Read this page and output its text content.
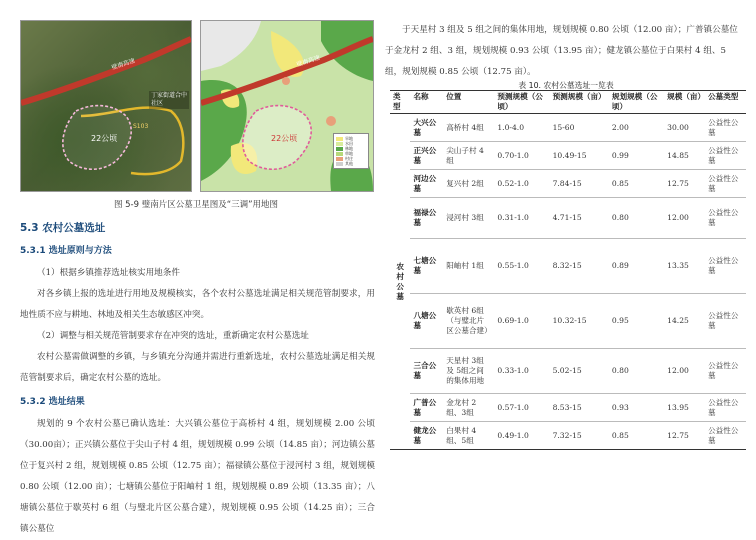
22公顷
壁南高速
丁家街道合中社区
S103
22公顷
壁南高速
旱地
水田
林地
草地
村庄
其他
图 5-9 璧南片区公墓卫星图及“三调”用地图
5.3 农村公墓选址
5.3.1 选址原则与方法
（1）根据乡镇推荐选址核实用地条件
对各乡镇上报的选址进行用地及规模核实，各个农村公墓选址满足相关规范管制要求，用地性质不应与耕地、林地及相关生态敏感区冲突。
（2）调整与相关规范管制要求存在冲突的选址，重新确定农村公墓选址
农村公墓需做调整的乡镇，与乡镇充分沟通并需进行重新选址，农村公墓选址满足相关规范管制要求后，确定农村公墓的选址。
5.3.2 选址结果
规划的 9 个农村公墓已确认选址：大兴镇公墓位于高桥村 4 组，规划规模 2.00 公顷（30.00亩）；正兴镇公墓位于尖山子村 4 组，规划规模 0.99 公顷（14.85 亩）；河边镇公墓位于复兴村 2 组，规划规模 0.85 公顷（12.75 亩）；福禄镇公墓位于浸河村 3 组，规划规模 0.80 公顷（12.00 亩）；七塘镇公墓位于阳岫村 1 组，规划规模 0.89 公顷（13.35 亩）；八塘镇公墓位于歇英村 6 组（与璧北片区公墓合建），规划规模 0.95 公顷（14.25 亩）；三合镇公墓位
于天星村 3 组及 5 组之间的集体用地，规划规模 0.80 公顷（12.00 亩）；广普镇公墓位于金龙村 2 组、3 组，规划规模 0.93 公顷（13.95 亩）；健龙镇公墓位于白果村 4 组、5 组，规划规模 0.85 公顷（12.75 亩）。
表 10. 农村公墓选址一览表
类型	名称	位置	预测规模（公顷）	预测规模（亩）	规划规模（公顷）	规模（亩）	公墓类型
农村公墓	大兴公墓	高桥村 4组	1.0-4.0	15-60	2.00	30.00	公益性公墓
	正兴公墓	尖山子村 4组	0.70-1.0	10.49-15	0.99	14.85	公益性公墓
	河边公墓	复兴村 2组	0.52-1.0	7.84-15	0.85	12.75	公益性公墓
	福禄公墓	浸河村 3组	0.31-1.0	4.71-15	0.80	12.00	公益性公墓
	七塘公墓	阳岫村 1组	0.55-1.0	8.32-15	0.89	13.35	公益性公墓
	八塘公墓	歇英村 6组（与璧北片区公墓合建）	0.69-1.0	10.32-15	0.95	14.25	公益性公墓
	三合公墓	天星村 3组及 5组之间的集体用地	0.33-1.0	5.02-15	0.80	12.00	公益性公墓
	广普公墓	金龙村 2组、3组	0.57-1.0	8.53-15	0.93	13.95	公益性公墓
	健龙公墓	白果村 4组、5组	0.49-1.0	7.32-15	0.85	12.75	公益性公墓
